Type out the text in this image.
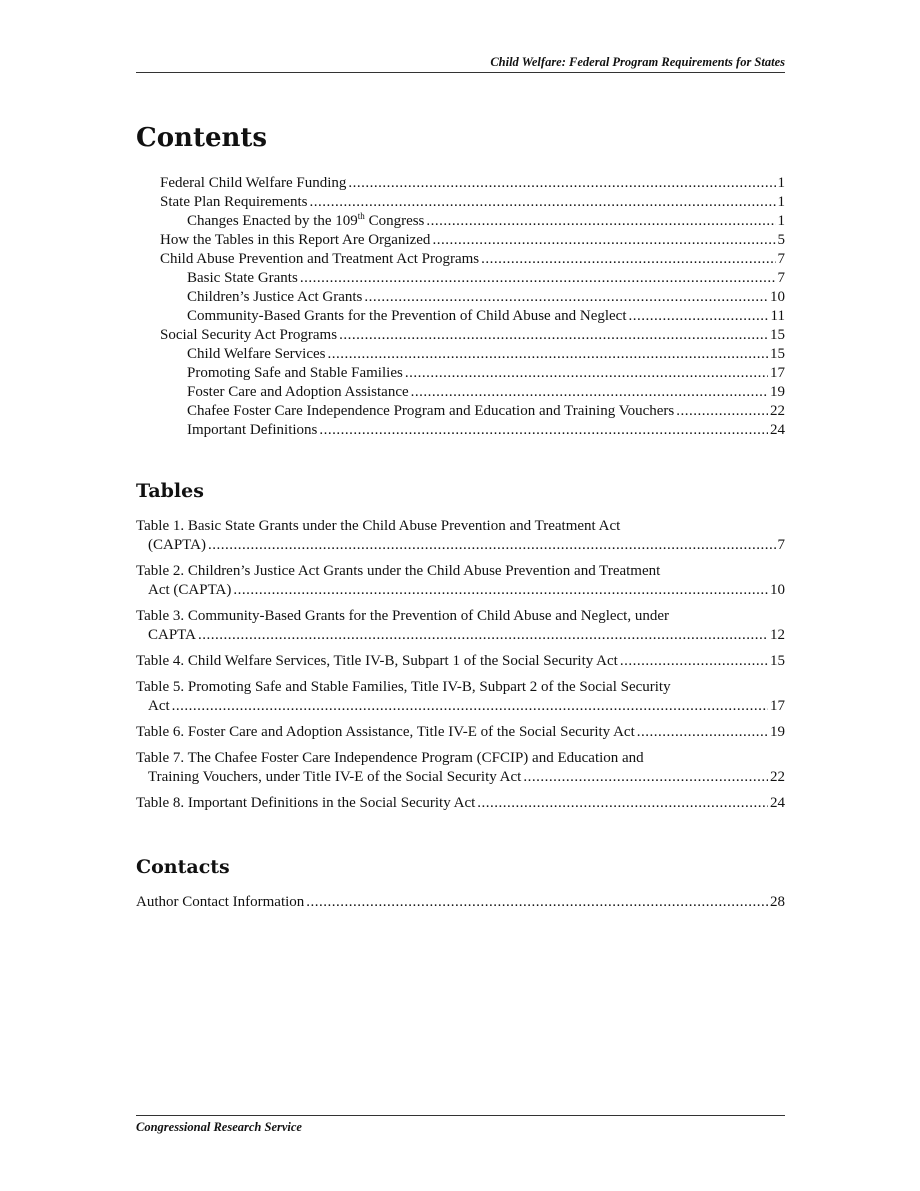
Child Welfare: Federal Program Requirements for States
Contents
Federal Child Welfare Funding .....	1
State Plan Requirements .....	1
Changes Enacted by the 109th Congress .....	1
How the Tables in this Report Are Organized .....	5
Child Abuse Prevention and Treatment Act Programs .....	7
Basic State Grants .....	7
Children’s Justice Act Grants .....	10
Community-Based Grants for the Prevention of Child Abuse and Neglect .....	11
Social Security Act Programs .....	15
Child Welfare Services .....	15
Promoting Safe and Stable Families .....	17
Foster Care and Adoption Assistance .....	19
Chafee Foster Care Independence Program and Education and Training Vouchers .....	22
Important Definitions .....	24
Tables
Table 1. Basic State Grants under the Child Abuse Prevention and Treatment Act
(CAPTA) .....	7
Table 2. Children’s Justice Act Grants under the Child Abuse Prevention and Treatment
Act (CAPTA) .....	10
Table 3. Community-Based Grants for the Prevention of Child Abuse and Neglect, under
CAPTA .....	12
Table 4. Child Welfare Services, Title IV-B, Subpart 1 of the Social Security Act .....	15
Table 5. Promoting Safe and Stable Families, Title IV-B, Subpart 2 of the Social Security
Act .....	17
Table 6. Foster Care and Adoption Assistance, Title IV-E of the Social Security Act .....	19
Table 7. The Chafee Foster Care Independence Program (CFCIP) and Education and
Training Vouchers, under Title IV-E of the Social Security Act .....	22
Table 8. Important Definitions in the Social Security Act .....	24
Contacts
Author Contact Information .....	28
Congressional Research Service
